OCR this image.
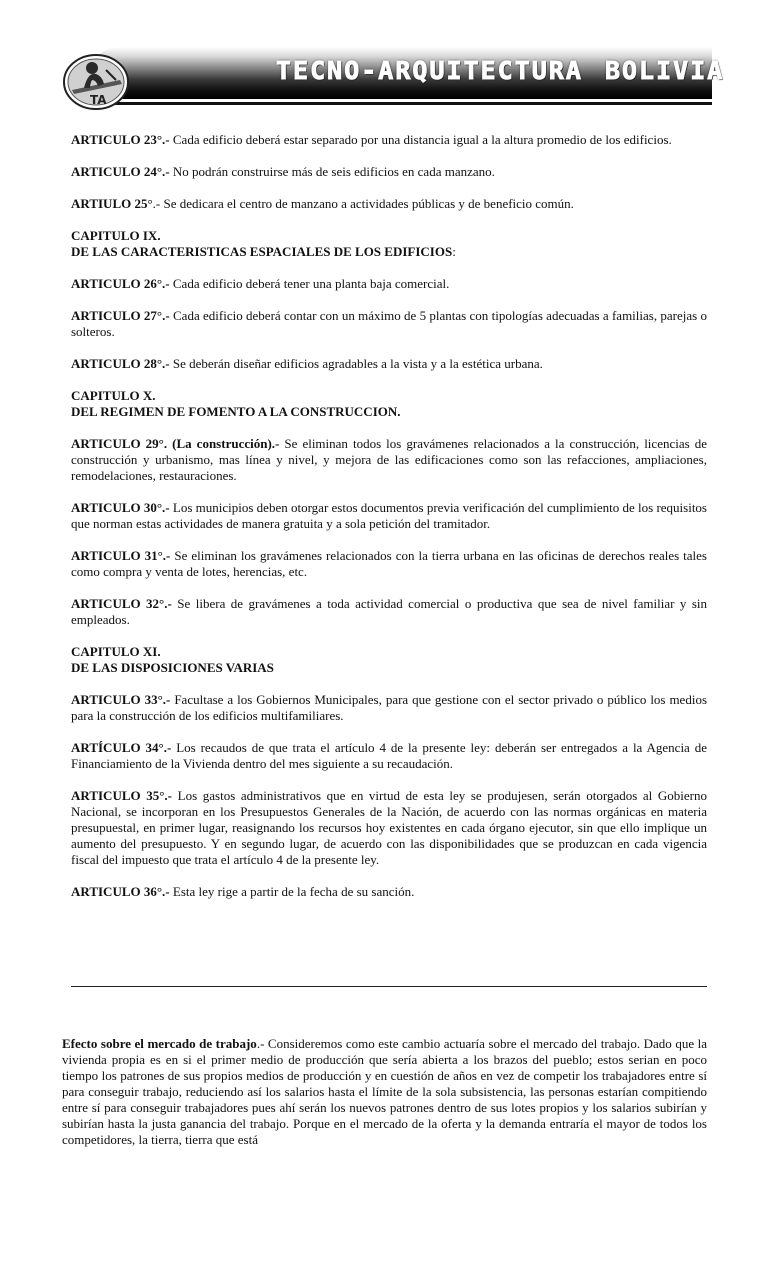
TA
TECNO-ARQUITECTURA BOLIVIA

ARTICULO 23°.- Cada edificio deberá estar separado por una distancia igual a la altura promedio de los edificios.

ARTICULO 24°.- No podrán construirse más de seis edificios en cada manzano.

ARTIULO 25°.- Se dedicara el centro de manzano a actividades públicas y de beneficio común.

CAPITULO IX.
DE LAS CARACTERISTICAS ESPACIALES DE LOS EDIFICIOS:

ARTICULO 26°.- Cada edificio deberá tener una planta baja comercial.

ARTICULO 27°.- Cada edificio deberá contar con un máximo de 5 plantas con tipologías adecuadas a familias, parejas o solteros.

ARTICULO 28°.- Se deberán diseñar edificios agradables a la vista y a la estética urbana.

CAPITULO X.
DEL REGIMEN DE FOMENTO A LA CONSTRUCCION.

ARTICULO 29°. (La construcción).- Se eliminan todos los gravámenes relacionados a la construcción, licencias de construcción y urbanismo, mas línea y nivel, y mejora de las edificaciones como son las refacciones, ampliaciones, remodelaciones, restauraciones.

ARTICULO 30°.- Los municipios deben otorgar estos documentos previa verificación del cumplimiento de los requisitos que norman estas actividades de manera gratuita y a sola petición del tramitador.

ARTICULO 31°.- Se eliminan los gravámenes relacionados con la tierra urbana en las oficinas de derechos reales tales como compra y venta de lotes, herencias, etc.

ARTICULO 32°.- Se libera de gravámenes a toda actividad comercial o productiva que sea de nivel familiar y sin empleados.

CAPITULO XI.
DE LAS DISPOSICIONES VARIAS

ARTICULO 33°.- Facultase a los Gobiernos Municipales, para que gestione con el sector privado o público los medios para la construcción de los edificios multifamiliares.

ARTÍCULO 34°.- Los recaudos de que trata el artículo 4 de la presente ley: deberán ser entregados a la Agencia de Financiamiento de la Vivienda dentro del mes siguiente a su recaudación.

ARTICULO 35°.- Los gastos administrativos que en virtud de esta ley se produjesen, serán otorgados al Gobierno Nacional, se incorporan en los Presupuestos Generales de la Nación, de acuerdo con las normas orgánicas en materia presupuestal, en primer lugar, reasignando los recursos hoy existentes en cada órgano ejecutor, sin que ello implique un aumento del presupuesto. Y en segundo lugar, de acuerdo con las disponibilidades que se produzcan en cada vigencia fiscal del impuesto que trata el artículo 4 de la presente ley.

ARTICULO 36°.- Esta ley rige a partir de la fecha de su sanción.

Efecto sobre el mercado de trabajo.- Consideremos como este cambio actuaría sobre el mercado del trabajo. Dado que la vivienda propia es en si el primer medio de producción que sería abierta a los brazos del pueblo; estos serian en poco tiempo los patrones de sus propios medios de producción y en cuestión de años en vez de competir los trabajadores entre sí para conseguir trabajo, reduciendo así los salarios hasta el límite de la sola subsistencia, las personas estarían compitiendo entre sí para conseguir trabajadores pues ahí serán los nuevos patrones dentro de sus lotes propios y los salarios subirían y subirían hasta la justa ganancia del trabajo. Porque en el mercado de la oferta y la demanda entraría el mayor de todos los competidores, la tierra, tierra que está
